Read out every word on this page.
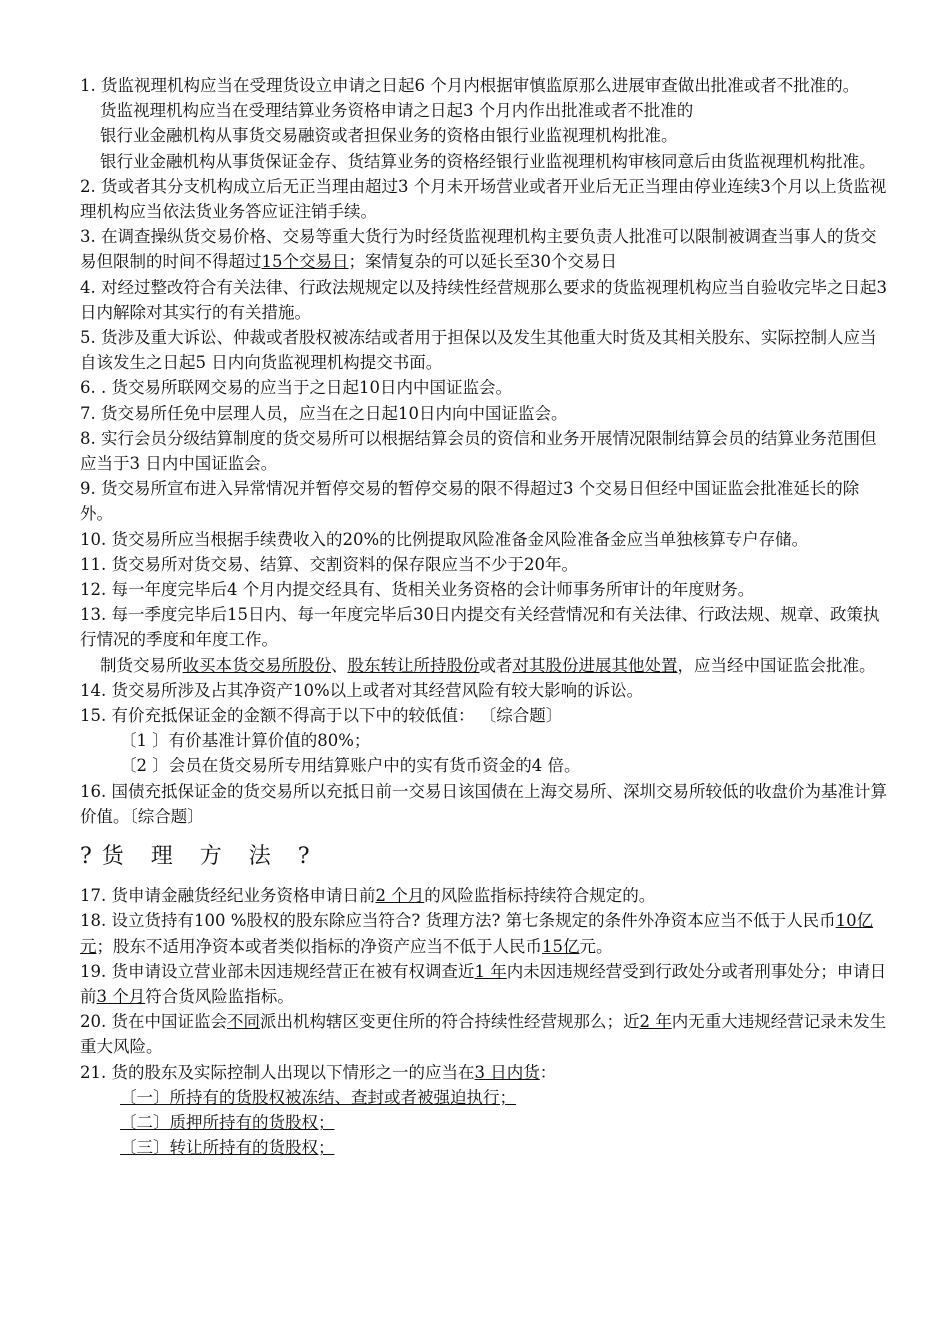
1. 货监视理机构应当在受理货设立申请之日起6 个月内根据审慎监原那么进展审查做出批准或者不批准的。

货监视理机构应当在受理结算业务资格申请之日起3 个月内作出批准或者不批准的

银行业金融机构从事货交易融资或者担保业务的资格由银行业监视理机构批准。

银行业金融机构从事货保证金存、货结算业务的资格经银行业监视理机构审核同意后由货监视理机构批准。

2. 货或者其分支机构成立后无正当理由超过3 个月未开场营业或者开业后无正当理由停业连续3个月以上货监视理机构应当依法货业务答应证注销手续。

3. 在调查操纵货交易价格、交易等重大货行为时经货监视理机构主要负责人批准可以限制被调查当事人的货交易但限制的时间不得超过15个交易日；案情复杂的可以延长至30个交易日

4. 对经过整改符合有关法律、行政法规规定以及持续性经营规那么要求的货监视理机构应当自验收完毕之日起3 日内解除对其实行的有关措施。

5. 货涉及重大诉讼、仲裁或者股权被冻结或者用于担保以及发生其他重大时货及其相关股东、实际控制人应当自该发生之日起5 日内向货监视理机构提交书面。

6. . 货交易所联网交易的应当于之日起10日内中国证监会。

7. 货交易所任免中层理人员，应当在之日起10日内向中国证监会。

8. 实行会员分级结算制度的货交易所可以根据结算会员的资信和业务开展情况限制结算会员的结算业务范围但应当于3 日内中国证监会。

9. 货交易所宣布进入异常情况并暂停交易的暂停交易的限不得超过3 个交易日但经中国证监会批准延长的除外。

10. 货交易所应当根据手续费收入的20%的比例提取风险准备金风险准备金应当单独核算专户存储。

11. 货交易所对货交易、结算、交割资料的保存限应当不少于20年。

12. 每一年度完毕后4 个月内提交经具有、货相关业务资格的会计师事务所审计的年度财务。

13. 每一季度完毕后15日内、每一年度完毕后30日内提交有关经营情况和有关法律、行政法规、规章、政策执行情况的季度和年度工作。

制货交易所收买本货交易所股份、股东转让所持股份或者对其股份进展其他处置，应当经中国证监会批准。

14. 货交易所涉及占其净资产10%以上或者对其经营风险有较大影响的诉讼。

15. 有价充抵保证金的金额不得高于以下中的较低值： 〔综合题〕

〔1 〕有价基准计算价值的80%；

〔2 〕会员在货交易所专用结算账户中的实有货币资金的4 倍。

16. 国债充抵保证金的货交易所以充抵日前一交易日该国债在上海交易所、深圳交易所较低的收盘价为基准计算价值。〔综合题〕

?货 理 方 法 ?

17. 货申请金融货经纪业务资格申请日前2 个月的风险监指标持续符合规定的。

18. 设立货持有100 %股权的股东除应当符合? 货理方法? 第七条规定的条件外净资本应当不低于人民币10亿元；股东不适用净资本或者类似指标的净资产应当不低于人民币15亿元。

19. 货申请设立营业部未因违规经营正在被有权调查近1 年内未因违规经营受到行政处分或者刑事处分；申请日前3 个月符合货风险监指标。

20. 货在中国证监会不同派出机构辖区变更住所的符合持续性经营规那么；近2 年内无重大违规经营记录未发生重大风险。

21. 货的股东及实际控制人出现以下情形之一的应当在3 日内货：

〔一〕所持有的货股权被冻结、查封或者被强迫执行；

〔二〕质押所持有的货股权；

〔三〕转让所持有的货股权；
